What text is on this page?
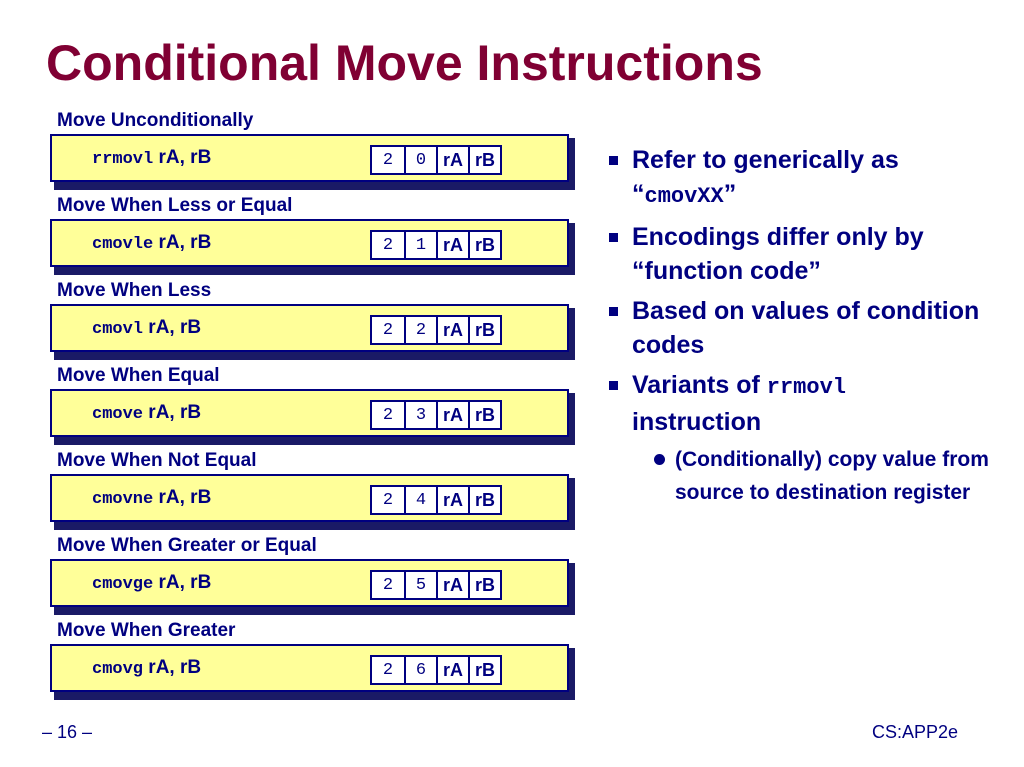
Conditional Move Instructions
Move Unconditionally
rrmovl rA, rB	2	0 rA rB
Move When Less or Equal
cmovle rA, rB	2	1 rA rB
Move When Less
cmovl rA, rB	2	2 rA rB
Move When Equal
cmove rA, rB	2	3 rA rB
Move When Not Equal
cmovne rA, rB	2	4 rA rB
Move When Greater or Equal
cmovge rA, rB	2	5 rA rB
Move When Greater
cmovg rA, rB	2	6 rA rB
Refer to generically as
“cmovXX”
Encodings differ only by “function code”
Based on values of condition codes
Variants of rrmovl
instruction
(Conditionally) copy value from source to destination register
– 16 –	CS:APP2e
